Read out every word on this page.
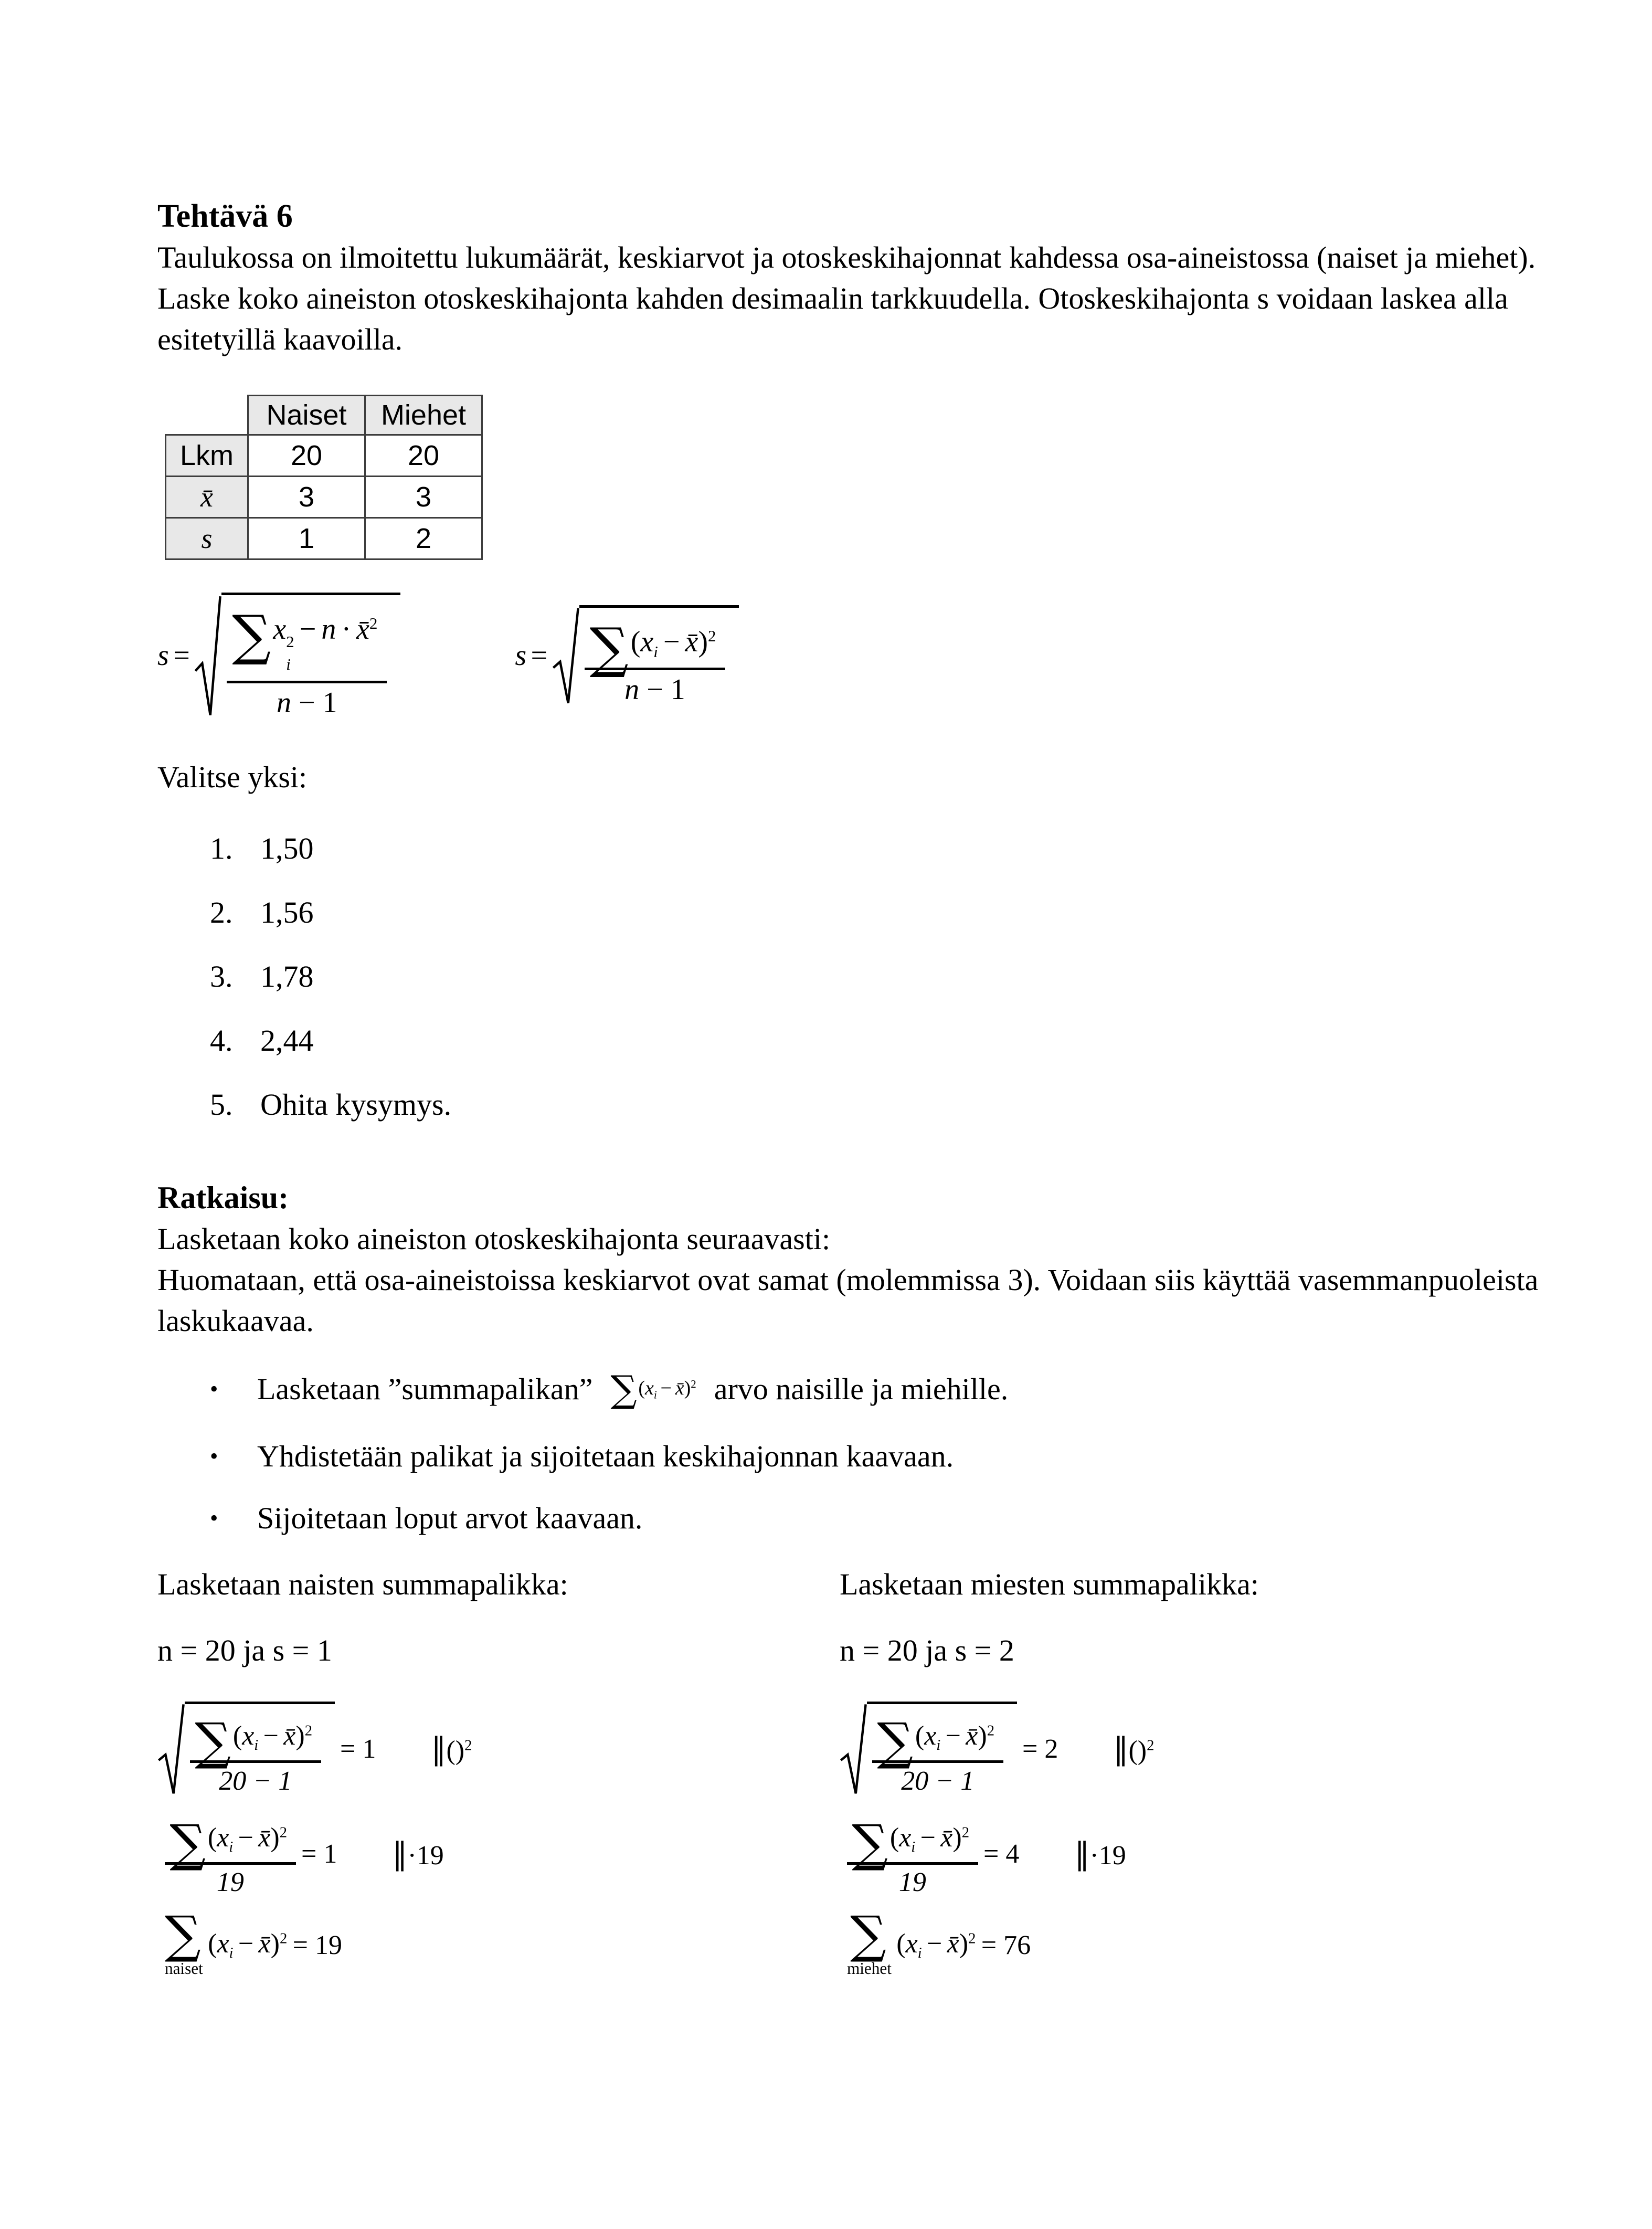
Tehtävä 6

Taulukossa on ilmoitettu lukumäärät, keskiarvot ja otoskeskihajonnat kahdessa osa-aineistossa (naiset ja miehet). Laske koko aineiston otoskeskihajonta kahden desimaalin tarkkuudella. Otoskeskihajonta s voidaan laskea alla esitetyillä kaavoilla.

	Naiset	Miehet
Lkm	20	20
x̄	3	3
s	1	2
s = ∑x 2
i
− n · x̄$^2$
n − 1	$s = \frac{\sum(xi - x̄)^2}{n - 1}$

Valitse yksi:

1. 1,50
2. 1,56
3. 1,78
4. 2,44
5. Ohita kysymys.
Ratkaisu:

Lasketaan koko aineiston otoskeskihajonta seuraavasti:

Huomataan, että osa-aineistoissa keskiarvot ovat samat (molemmissa 3). Voidaan siis käyttää vasemmanpuoleista laskukaavaa.

•	Lasketaan ”summapalikan” ∑ (xi − x̄)$^2$ arvo naisille ja miehille.
•	Yhdistetään palikat ja sijoitetaan keskihajonnan kaavaan.
•	Sijoitetaan loput arvot kaavaan.

Lasketaan naisten summapalikka:

n = 20 ja s = 1

$\frac{\sum(xi - x̄)^2}{20 - 1} = 1$ ‖()$^2$
$\frac{\sum(xi - x̄)^2}{19} = 1$ ‖·19
∑
naiset
(xi − x̄)$^2$ = 19

Lasketaan miesten summapalikka:

n = 20 ja s = 2

$\frac{\sum(xi - x̄)^2}{20 - 1} = 2$ ‖()$^2$
$\frac{\sum(xi - x̄)^2}{19} = 4$ ‖·19
∑
miehet
(xi − x̄)$^2$ = 76
